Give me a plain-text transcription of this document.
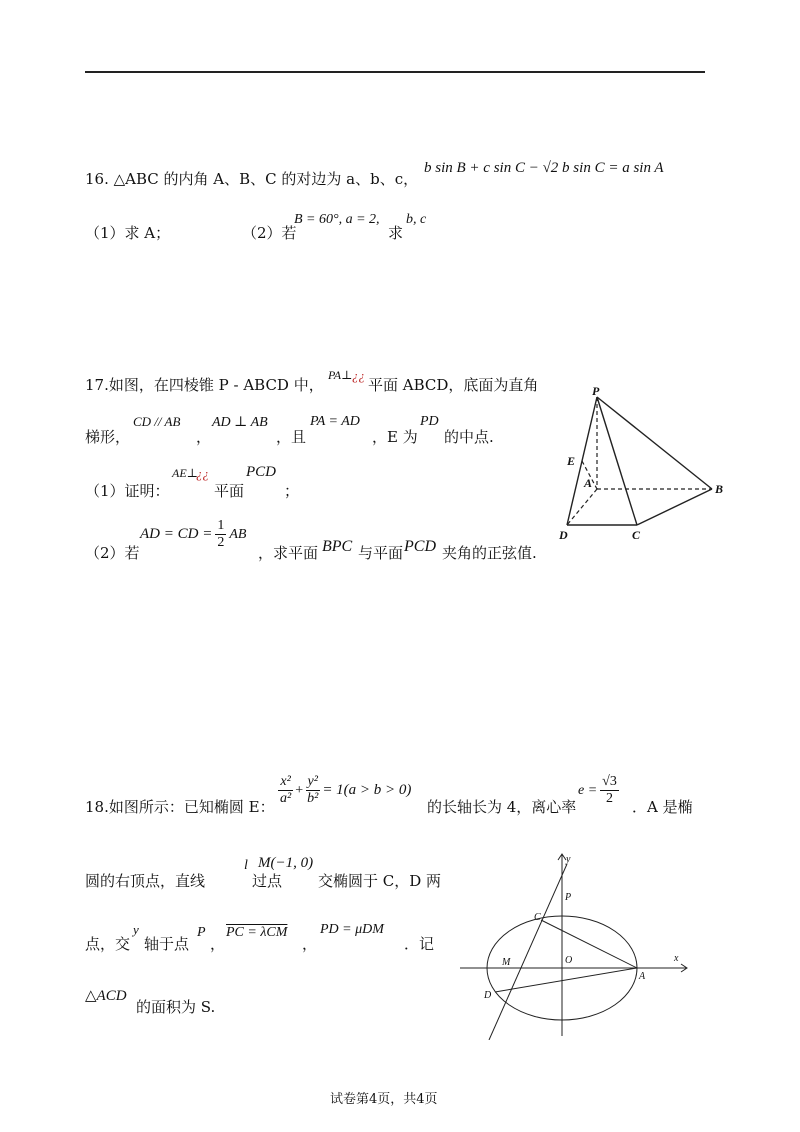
16. △ABC 的内角 A、B、C 的对边为 a、b、c，
b sin B + c sin C − √2 b sin C = a sin A
（1）求 A；	（2）若
B = 60°, a = 2,
求
b, c
17.如图，在四棱锥 P - ABCD 中，
PA⊥ ¿¿
平面 ABCD，底面为直角
梯形，
CD // AB
，
AD ⊥ AB
，且
PA = AD
，E 为
PD
的中点.
（1）证明：
AE⊥
¿¿
平面
PCD
；
（2）若
AD = CD = $\frac{1}{2}$ AB
，求平面 BPC 与平面 PCD 夹角的正弦值.
P
E
A	B
D	C
18.如图所示：已知椭圆 E： $\frac{\text{x²}}{\text{a²}} + \frac{\text{y²}}{\text{b²}} = 1(a > b > 0)$
的长轴长为 4，离心率
$e = \frac{√3}{2}$ ．A 是椭
圆的右顶点，直线
l
过点
M(−1, 0)
交椭圆于 C，D 两
点，交
y
轴于点
P
，
PC = λCM
，
PD = μDM
．记
△ACD
的面积为 S.
y
P
C
M	O
A
x
D
试卷第4页，共4页
